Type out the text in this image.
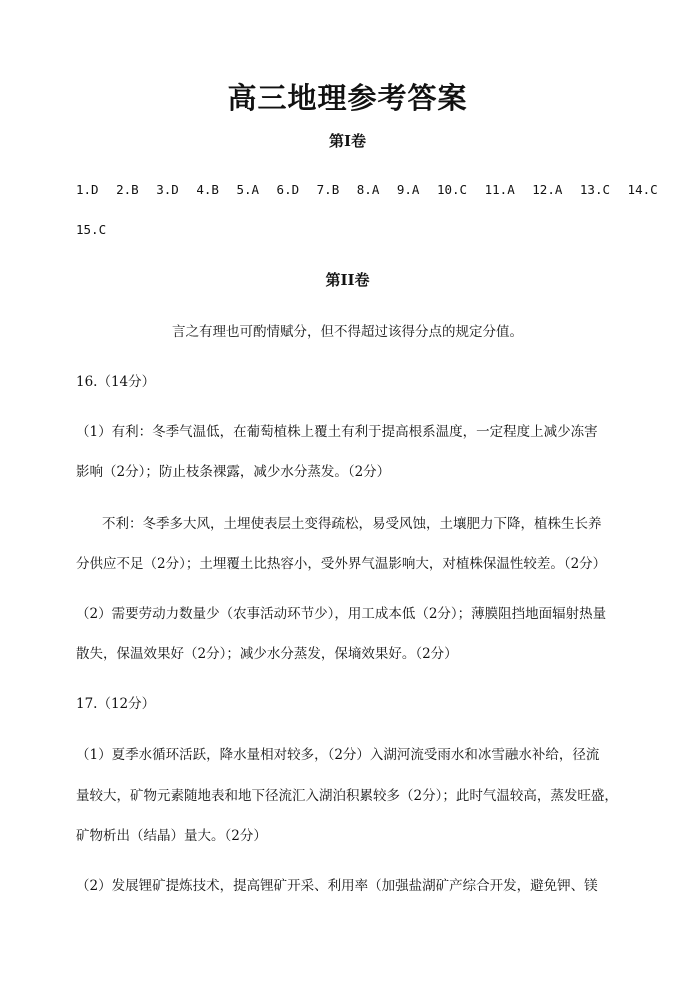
高三地理参考答案
第Ⅰ卷
1.D 2.B 3.D 4.B 5.A 6.D 7.B 8.A 9.A 10.C 11.A 12.A 13.C 14.C
15.C
第II卷
言之有理也可酌情赋分，但不得超过该得分点的规定分值。
16.（14分）
（1）有利：冬季气温低，在葡萄植株上覆土有利于提高根系温度，一定程度上减少冻害
影响（2分）；防止枝条裸露，减少水分蒸发。（2分）
不利：冬季多大风，土埋使表层土变得疏松，易受风蚀，土壤肥力下降，植株生长养
分供应不足（2分）；土埋覆土比热容小，受外界气温影响大，对植株保温性较差。（2分）
（2）需要劳动力数量少（农事活动环节少），用工成本低（2分）；薄膜阻挡地面辐射热量
散失，保温效果好（2分）；减少水分蒸发，保墒效果好。（2分）
17.（12分）
（1）夏季水循环活跃，降水量相对较多，（2分）入湖河流受雨水和冰雪融水补给，径流
量较大，矿物元素随地表和地下径流汇入湖泊积累较多（2分）；此时气温较高，蒸发旺盛，
矿物析出（结晶）量大。（2分）
（2）发展锂矿提炼技术，提高锂矿开采、利用率（加强盐湖矿产综合开发，避免钾、镁
